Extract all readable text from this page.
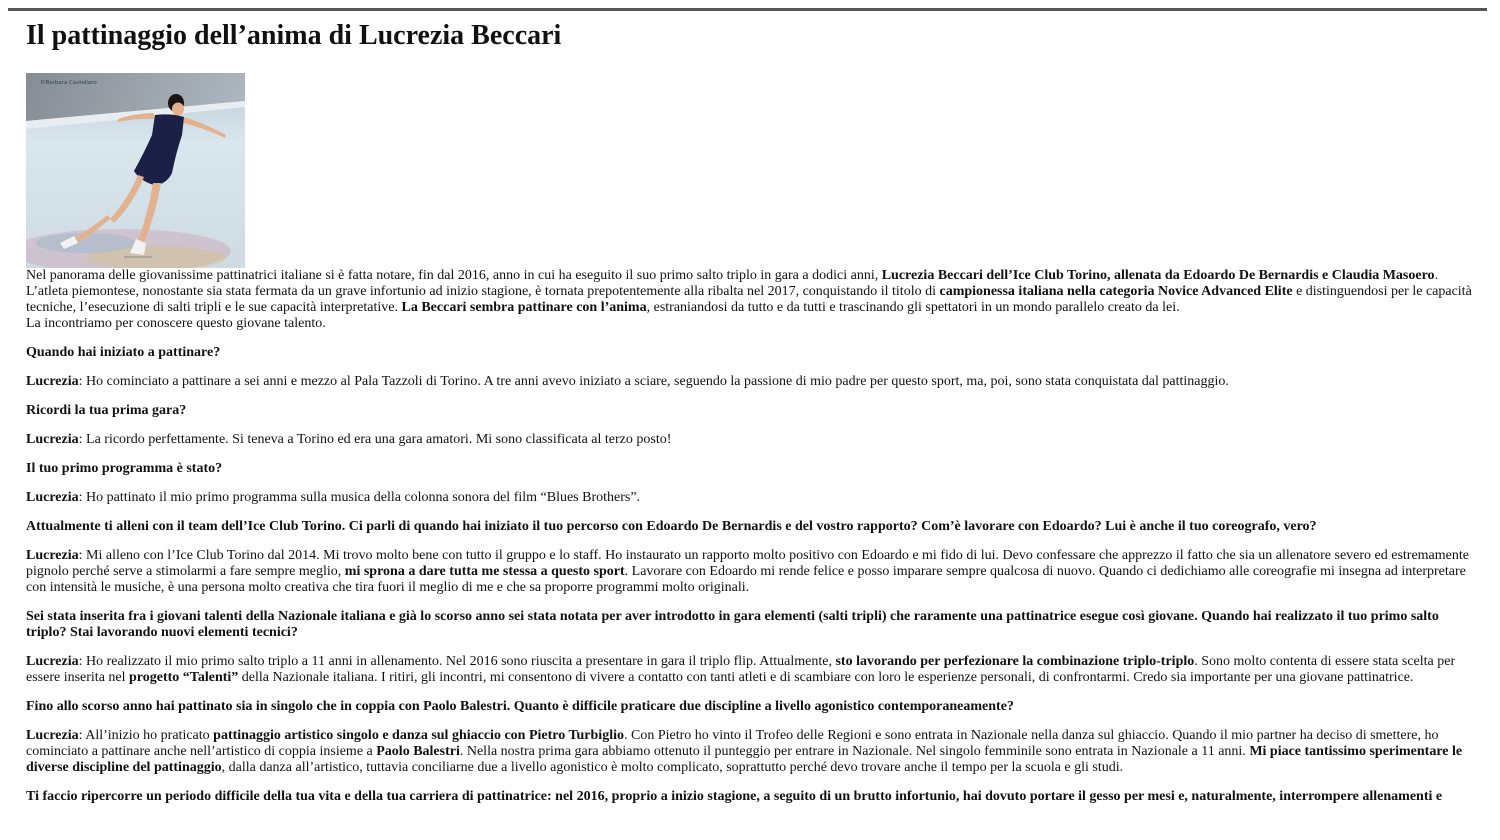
Il pattinaggio dell’anima di Lucrezia Beccari
©Barbara Castellaro

Nel panorama delle giovanissime pattinatrici italiane si è fatta notare, fin dal 2016, anno in cui ha eseguito il suo primo salto triplo in gara a dodici anni, Lucrezia Beccari dell’Ice Club Torino, allenata da Edoardo De Bernardis e Claudia Masoero.
L’atleta piemontese, nonostante sia stata fermata da un grave infortunio ad inizio stagione, è tornata prepotentemente alla ribalta nel 2017, conquistando il titolo di campionessa italiana nella categoria Novice Advanced Elite e distinguendosi per le capacità tecniche, l’esecuzione di salti tripli e le sue capacità interpretative. La Beccari sembra pattinare con l’anima, estraniandosi da tutto e da tutti e trascinando gli spettatori in un mondo parallelo creato da lei.
La incontriamo per conoscere questo giovane talento.

Quando hai iniziato a pattinare?

Lucrezia: Ho cominciato a pattinare a sei anni e mezzo al Pala Tazzoli di Torino. A tre anni avevo iniziato a sciare, seguendo la passione di mio padre per questo sport, ma, poi, sono stata conquistata dal pattinaggio.

Ricordi la tua prima gara?

Lucrezia: La ricordo perfettamente. Si teneva a Torino ed era una gara amatori. Mi sono classificata al terzo posto!

Il tuo primo programma è stato?

Lucrezia: Ho pattinato il mio primo programma sulla musica della colonna sonora del film “Blues Brothers”.

Attualmente ti alleni con il team dell’Ice Club Torino. Ci parli di quando hai iniziato il tuo percorso con Edoardo De Bernardis e del vostro rapporto? Com’è lavorare con Edoardo? Lui è anche il tuo coreografo, vero?

Lucrezia: Mi alleno con l’Ice Club Torino dal 2014. Mi trovo molto bene con tutto il gruppo e lo staff. Ho instaurato un rapporto molto positivo con Edoardo e mi fido di lui. Devo confessare che apprezzo il fatto che sia un allenatore severo ed estremamente pignolo perché serve a stimolarmi a fare sempre meglio, mi sprona a dare tutta me stessa a questo sport. Lavorare con Edoardo mi rende felice e posso imparare sempre qualcosa di nuovo. Quando ci dedichiamo alle coreografie mi insegna ad interpretare con intensità le musiche, è una persona molto creativa che tira fuori il meglio di me e che sa proporre programmi molto originali.

Sei stata inserita fra i giovani talenti della Nazionale italiana e già lo scorso anno sei stata notata per aver introdotto in gara elementi (salti tripli) che raramente una pattinatrice esegue così giovane. Quando hai realizzato il tuo primo salto triplo? Stai lavorando nuovi elementi tecnici?

Lucrezia: Ho realizzato il mio primo salto triplo a 11 anni in allenamento. Nel 2016 sono riuscita a presentare in gara il triplo flip. Attualmente, sto lavorando per perfezionare la combinazione triplo-triplo. Sono molto contenta di essere stata scelta per essere inserita nel progetto “Talenti” della Nazionale italiana. I ritiri, gli incontri, mi consentono di vivere a contatto con tanti atleti e di scambiare con loro le esperienze personali, di confrontarmi. Credo sia importante per una giovane pattinatrice.

Fino allo scorso anno hai pattinato sia in singolo che in coppia con Paolo Balestri. Quanto è difficile praticare due discipline a livello agonistico contemporaneamente?

Lucrezia: All’inizio ho praticato pattinaggio artistico singolo e danza sul ghiaccio con Pietro Turbiglio. Con Pietro ho vinto il Trofeo delle Regioni e sono entrata in Nazionale nella danza sul ghiaccio. Quando il mio partner ha deciso di smettere, ho cominciato a pattinare anche nell’artistico di coppia insieme a Paolo Balestri. Nella nostra prima gara abbiamo ottenuto il punteggio per entrare in Nazionale. Nel singolo femminile sono entrata in Nazionale a 11 anni. Mi piace tantissimo sperimentare le diverse discipline del pattinaggio, dalla danza all’artistico, tuttavia conciliarne due a livello agonistico è molto complicato, soprattutto perché devo trovare anche il tempo per la scuola e gli studi.

Ti faccio ripercorre un periodo difficile della tua vita e della tua carriera di pattinatrice: nel 2016, proprio a inizio stagione, a seguito di un brutto infortunio, hai dovuto portare il gesso per mesi e, naturalmente, interrompere allenamenti e
